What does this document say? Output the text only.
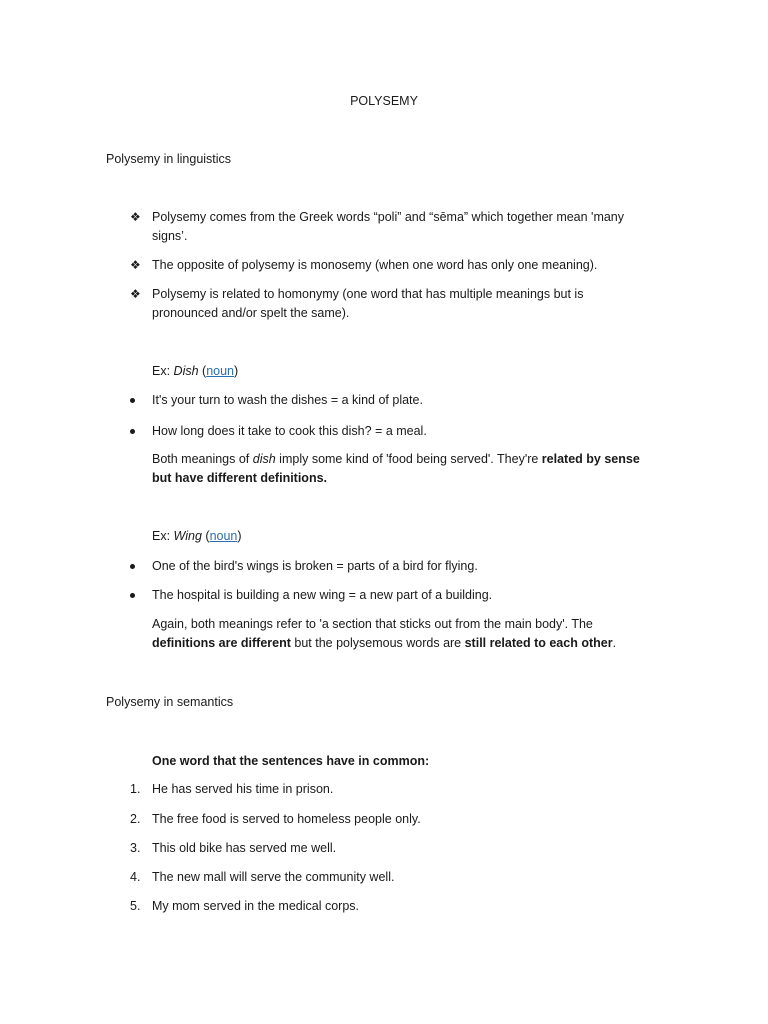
POLYSEMY
Polysemy in linguistics
❖ Polysemy comes from the Greek words “poli” and “sēma” which together mean 'many signs’.
❖ The opposite of polysemy is monosemy (when one word has only one meaning).
❖ Polysemy is related to homonymy (one word that has multiple meanings but is pronounced and/or spelt the same).
Ex: Dish (noun)
It's your turn to wash the dishes = a kind of plate.
How long does it take to cook this dish? = a meal.
Both meanings of dish imply some kind of 'food being served'. They're related by sense but have different definitions.
Ex: Wing (noun)
One of the bird's wings is broken = parts of a bird for flying.
The hospital is building a new wing = a new part of a building.
Again, both meanings refer to 'a section that sticks out from the main body'. The definitions are different but the polysemous words are still related to each other.
Polysemy in semantics
One word that the sentences have in common:
1. He has served his time in prison.
2. The free food is served to homeless people only.
3. This old bike has served me well.
4. The new mall will serve the community well.
5. My mom served in the medical corps.
